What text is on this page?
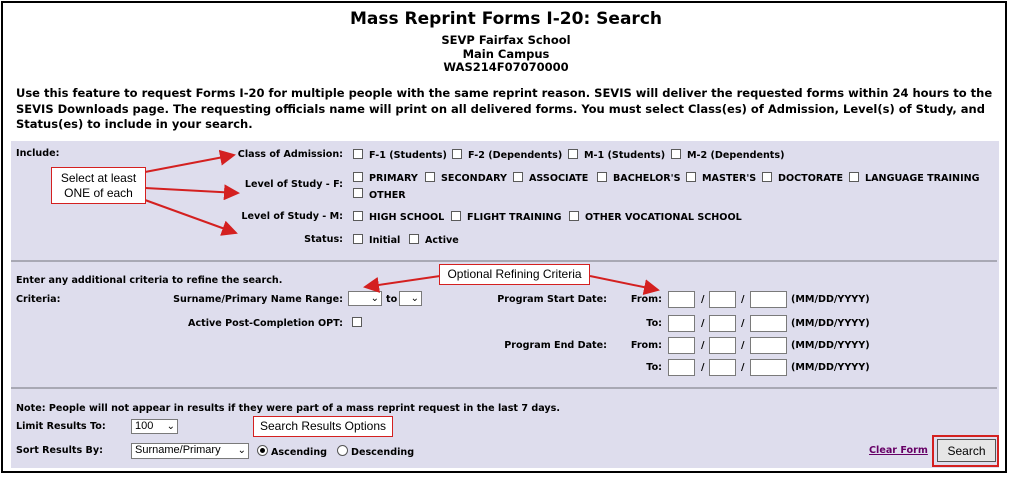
Mass Reprint Forms I-20: Search
SEVP Fairfax School
Main Campus
WAS214F07070000
Use this feature to request Forms I-20 for multiple people with the same reprint reason. SEVIS will deliver the requested forms within 24 hours to the SEVIS Downloads page. The requesting officials name will print on all delivered forms. You must select Class(es) of Admission, Level(s) of Study, and Status(es) to include in your search.
Include:	Class of Admission:	F-1 (Students) F-2 (Dependents) M-1 (Students) M-2 (Dependents)
Level of Study - F:
PRIMARY SECONDARY ASSOCIATE	BACHELOR'S MASTER'S DOCTORATE LANGUAGE TRAINING
OTHER
Level of Study - M:	HIGH SCHOOL FLIGHT TRAINING OTHER VOCATIONAL SCHOOL
Status:	Initial	Active
Enter any additional criteria to refine the search.
Criteria:	Surname/Primary Name Range:	⌄ to ⌄
Active Post-Completion OPT:
Program Start Date:	From:	/	/	(MM/DD/YYYY)
To:	/	/	(MM/DD/YYYY)
Program End Date:	From:	/	/	(MM/DD/YYYY)
To:	/	/	(MM/DD/YYYY)
Note: People will not appear in results if they were part of a mass reprint request in the last 7 days.
Limit Results To:	100 ⌄
Sort Results By:	Surname/Primary ⌄	Ascending Descending	Clear Form	Search
Select at least ONE of each
Optional Refining Criteria
Search Results Options
